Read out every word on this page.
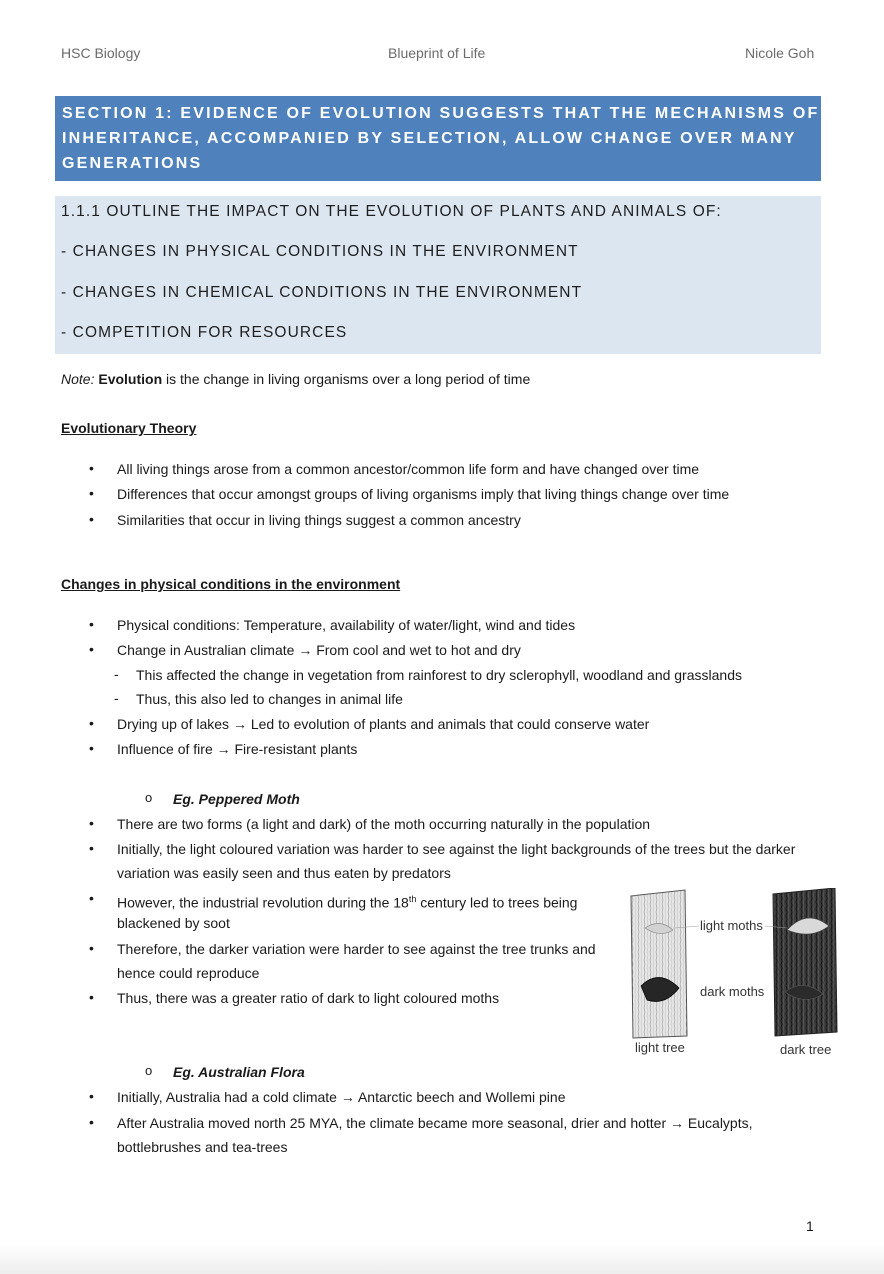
HSC Biology	Blueprint of Life	Nicole Goh
SECTION 1: EVIDENCE OF EVOLUTION SUGGESTS THAT THE MECHANISMS OF
INHERITANCE, ACCOMPANIED BY SELECTION, ALLOW CHANGE OVER MANY
GENERATIONS
1.1.1 OUTLINE THE IMPACT ON THE EVOLUTION OF PLANTS AND ANIMALS OF:
- CHANGES IN PHYSICAL CONDITIONS IN THE ENVIRONMENT
- CHANGES IN CHEMICAL CONDITIONS IN THE ENVIRONMENT
- COMPETITION FOR RESOURCES
Note: Evolution is the change in living organisms over a long period of time
Evolutionary Theory
• All living things arose from a common ancestor/common life form and have changed over time
• Differences that occur amongst groups of living organisms imply that living things change over time
• Similarities that occur in living things suggest a common ancestry
Changes in physical conditions in the environment
• Physical conditions: Temperature, availability of water/light, wind and tides
• Change in Australian climate → From cool and wet to hot and dry
- This affected the change in vegetation from rainforest to dry sclerophyll, woodland and grasslands
- Thus, this also led to changes in animal life
• Drying up of lakes → Led to evolution of plants and animals that could conserve water
• Influence of fire → Fire-resistant plants
o Eg. Peppered Moth
• There are two forms (a light and dark) of the moth occurring naturally in the population
• Initially, the light coloured variation was harder to see against the light backgrounds of the trees but the darker
variation was easily seen and thus eaten by predators
• However, the industrial revolution during the 18th century led to trees being
blackened by soot
• Therefore, the darker variation were harder to see against the tree trunks and
hence could reproduce
• Thus, there was a greater ratio of dark to light coloured moths
light moths
dark moths
light tree	dark tree
o Eg. Australian Flora
• Initially, Australia had a cold climate → Antarctic beech and Wollemi pine
• After Australia moved north 25 MYA, the climate became more seasonal, drier and hotter → Eucalypts,
bottlebrushes and tea-trees
1
